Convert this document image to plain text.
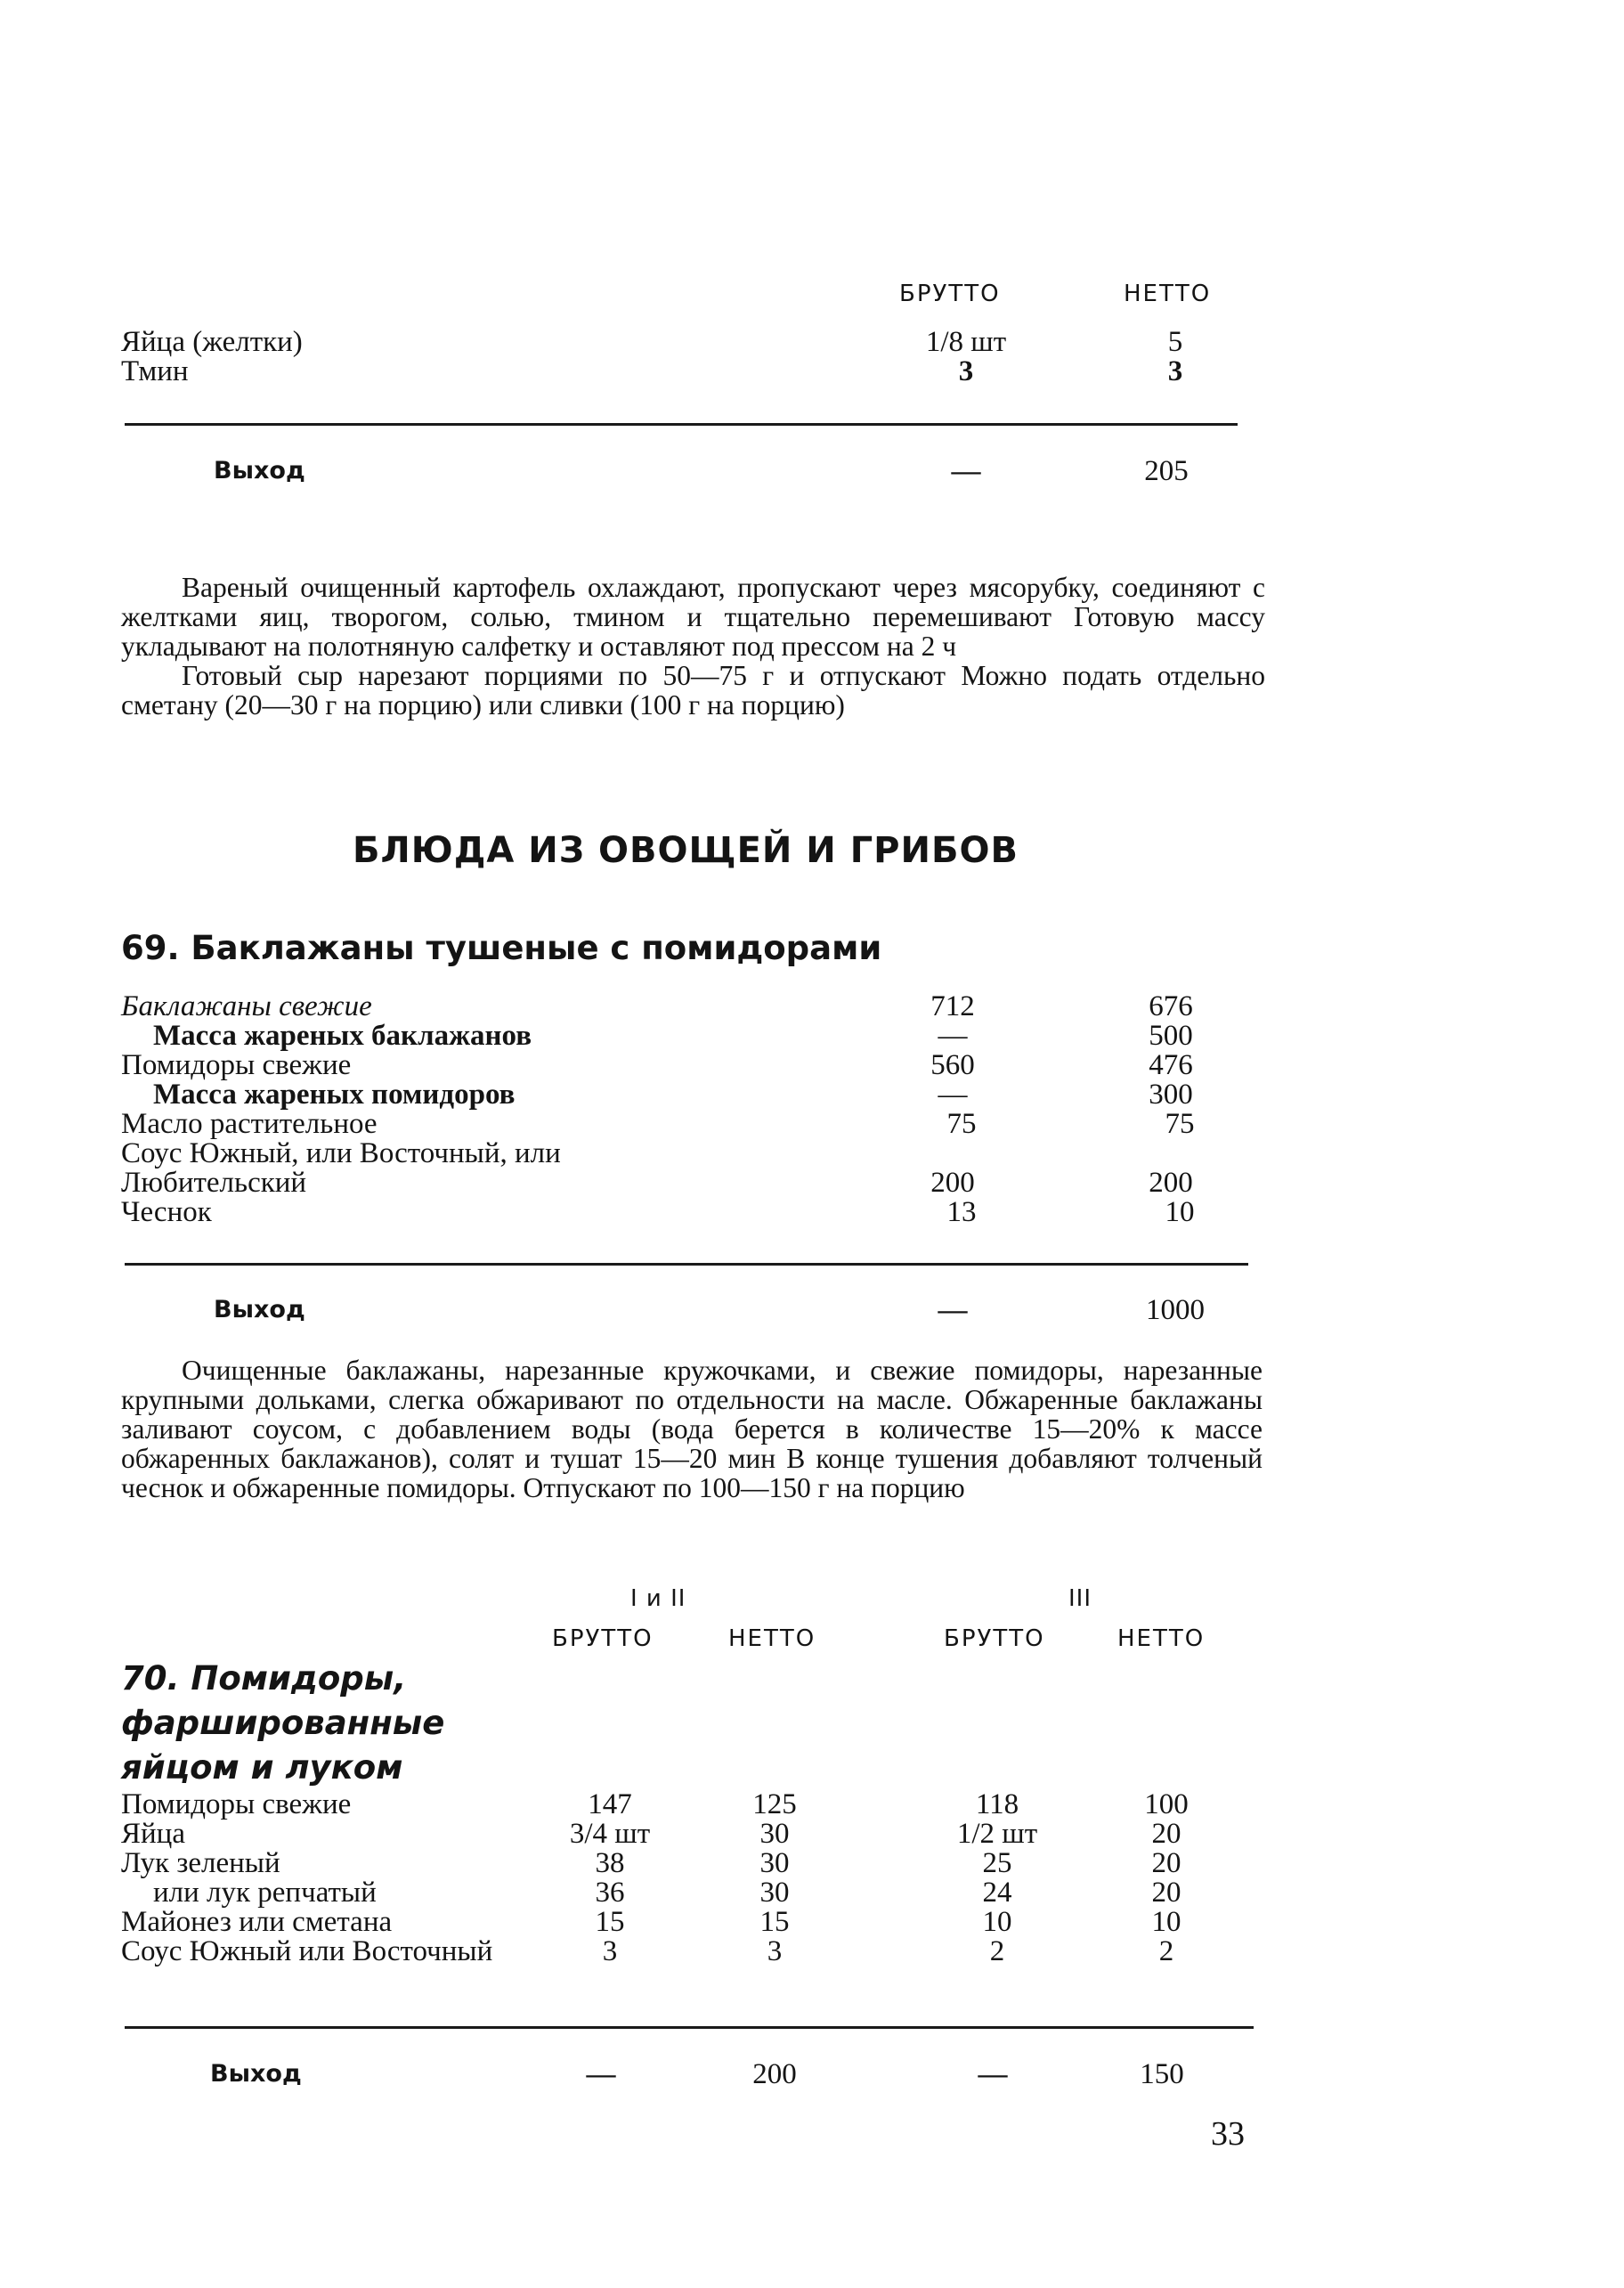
БРУТТО	НЕТТО
Яйца (желтки)	1/8 шт	5
Тмин	3	3
Выход	—	205

Вареный очищенный картофель охлаждают, пропускают через мясорубку, соединяют с желтками яиц, творогом, солью, тмином и тщательно перемешивают Готовую массу укладывают на полотняную салфетку и оставляют под прессом на 2 ч

Готовый сыр нарезают порциями по 50—75 г и отпускают Можно подать отдельно сметану (20—30 г на порцию) или сливки (100 г на порцию)

БЛЮДА ИЗ ОВОЩЕЙ И ГРИБОВ
69. Баклажаны тушеные с помидорами
Баклажаны свежие	712	676
Масса жареных баклажанов	—	500
Помидоры свежие	560	476
Масса жареных помидоров	—	300
Масло растительное	75	75
Соус Южный, или Восточный, или
Любительский	200	200
Чеснок	13	10
Выход	—	1000

Очищенные баклажаны, нарезанные кружочками, и свежие помидоры, нарезанные крупными дольками, слегка обжаривают по отдельности на масле. Обжаренные баклажаны заливают соусом, с добавлением воды (вода берется в количестве 15—20% к массе обжаренных баклажанов), солят и тушат 15—20 мин В конце тушения добавляют толченый чеснок и обжаренные помидоры. Отпускают по 100—150 г на порцию

I и II	III
БРУТТО	НЕТТО	БРУТТО	НЕТТО
70. Помидоры, фаршированные яйцом и луком
Помидоры свежие	147	125	118	100
Яйца	3/4 шт	30	1/2 шт	20
Лук зеленый	38	30	25	20
или лук репчатый	36	30	24	20
Майонез или сметана	15	15	10	10
Соус Южный или Восточный	3	3	2	2
Выход	—	200	—	150
33
